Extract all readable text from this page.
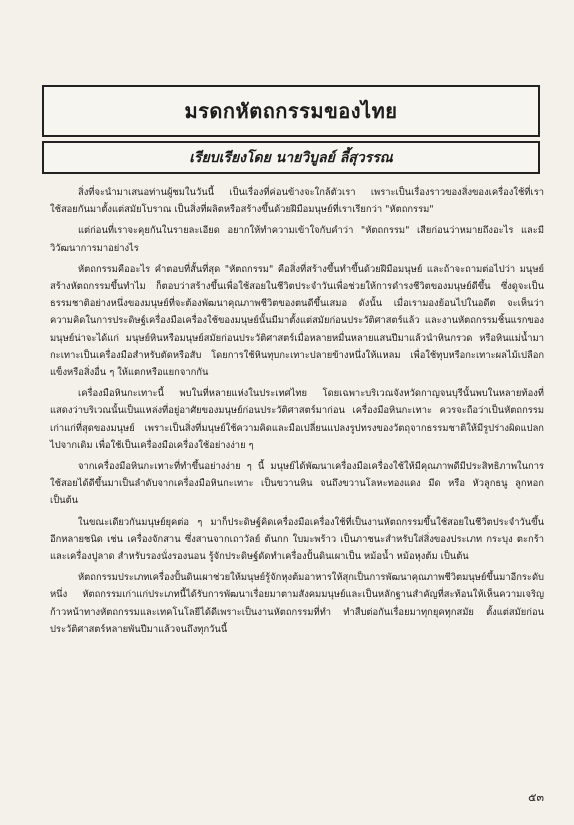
มรดกหัตถกรรมของไทย
เรียบเรียงโดย นายวิบูลย์ ลี้สุวรรณ

สิ่งที่จะนำมาเสนอท่านผู้ชมในวันนี้ เป็นเรื่องที่ค่อนข้างจะใกล้ตัวเรา เพราะเป็นเรื่องราวของสิ่งของเครื่องใช้ที่เราใช้สอยกันมาตั้งแต่สมัยโบราณ เป็นสิ่งที่ผลิตหรือสร้างขึ้นด้วยฝีมือมนุษย์ที่เราเรียกว่า "หัตถกรรม"

แต่ก่อนที่เราจะคุยกันในรายละเอียด อยากให้ทำความเข้าใจกับคำว่า "หัตถกรรม" เสียก่อนว่าหมายถึงอะไร และมีวิวัฒนาการมาอย่างไร

หัตถกรรมคืออะไร คำตอบที่สั้นที่สุด "หัตถกรรม" คือสิ่งที่สร้างขึ้นทำขึ้นด้วยฝีมือมนุษย์ และถ้าจะถามต่อไปว่า มนุษย์สร้างหัตถกรรมขึ้นทำไม ก็ตอบว่าสร้างขึ้นเพื่อใช้สอยในชีวิตประจำวันเพื่อช่วยให้การดำรงชีวิตของมนุษย์ดีขึ้น ซึ่งดูจะเป็นธรรมชาติอย่างหนึ่งของมนุษย์ที่จะต้องพัฒนาคุณภาพชีวิตของตนดีขึ้นเสมอ ดังนั้น เมื่อเรามองย้อนไปในอดีต จะเห็นว่า ความคิดในการประดิษฐ์เครื่องมือเครื่องใช้ของมนุษย์นั้นมีมาตั้งแต่สมัยก่อนประวัติศาสตร์แล้ว และงานหัตถกรรมชิ้นแรกของมนุษย์น่าจะได้แก่ มนุษย์หินหรือมนุษย์สมัยก่อนประวัติศาสตร์เมื่อหลายหมื่นหลายแสนปีมาแล้วนำหินกรวด หรือหินแม่น้ำมากะเทาะเป็นเครื่องมือสำหรับตัดหรือสับ โดยการใช้หินทุบกะเทาะปลายข้างหนึ่งให้แหลม เพื่อใช้ทุบหรือกะเทาะผลไม้เปลือกแข็งหรือสิ่งอื่น ๆ ให้แตกหรือแยกจากกัน

เครื่องมือหินกะเทาะนี้ พบในที่หลายแห่งในประเทศไทย โดยเฉพาะบริเวณจังหวัดกาญจนบุรีนั้นพบในหลายท้องที่ แสดงว่าบริเวณนั้นเป็นแหล่งที่อยู่อาศัยของมนุษย์ก่อนประวัติศาสตร์มาก่อน เครื่องมือหินกะเทาะ ควรจะถือว่าเป็นหัตถกรรมเก่าแก่ที่สุดของมนุษย์ เพราะเป็นสิ่งที่มนุษย์ใช้ความคิดและมือเปลี่ยนแปลงรูปทรงของวัตถุจากธรรมชาติให้มีรูปร่างผิดแปลกไปจากเดิม เพื่อใช้เป็นเครื่องมือเครื่องใช้อย่างง่าย ๆ

จากเครื่องมือหินกะเทาะที่ทำขึ้นอย่างง่าย ๆ นี้ มนุษย์ได้พัฒนาเครื่องมือเครื่องใช้ให้มีคุณภาพดีมีประสิทธิภาพในการใช้สอยได้ดีขึ้นมาเป็นลำดับจากเครื่องมือหินกะเทาะ เป็นขวานหิน จนถึงขวานโลหะทองแดง มีด หรือ หัวลูกธนู ลูกหอก เป็นต้น

ในขณะเดียวกันมนุษย์ยุคต่อ ๆ มาก็ประดิษฐ์คิดเครื่องมือเครื่องใช้ที่เป็นงานหัตถกรรมขึ้นใช้สอยในชีวิตประจำวันขึ้นอีกหลายชนิด เช่น เครื่องจักสาน ซึ่งสานจากเถาวัลย์ ต้นกก ใบมะพร้าว เป็นภาชนะสำหรับใส่สิ่งของประเภท กระบุง ตะกร้า และเครื่องปูลาด สำหรับรองนั่งรองนอน รู้จักประดิษฐ์ดัดทำเครื่องปั้นดินเผาเป็น หม้อน้ำ หม้อหุงต้ม เป็นต้น

หัตถกรรมประเภทเครื่องปั้นดินเผาช่วยให้มนุษย์รู้จักหุงต้มอาหารให้สุกเป็นการพัฒนาคุณภาพชีวิตมนุษย์ขึ้นมาอีกระดับหนึ่ง หัตถกรรมเก่าแก่ประเภทนี้ได้รับการพัฒนาเรื่อยมาตามสังคมมนุษย์และเป็นหลักฐานสำคัญที่สะท้อนให้เห็นความเจริญก้าวหน้าทางหัตถกรรมและเทคโนโลยีได้ดีเพราะเป็นงานหัตถกรรมที่ทำ ทำสืบต่อกันเรื่อยมาทุกยุคทุกสมัย ตั้งแต่สมัยก่อนประวัติศาสตร์หลายพันปีมาแล้วจนถึงทุกวันนี้

๕๓
